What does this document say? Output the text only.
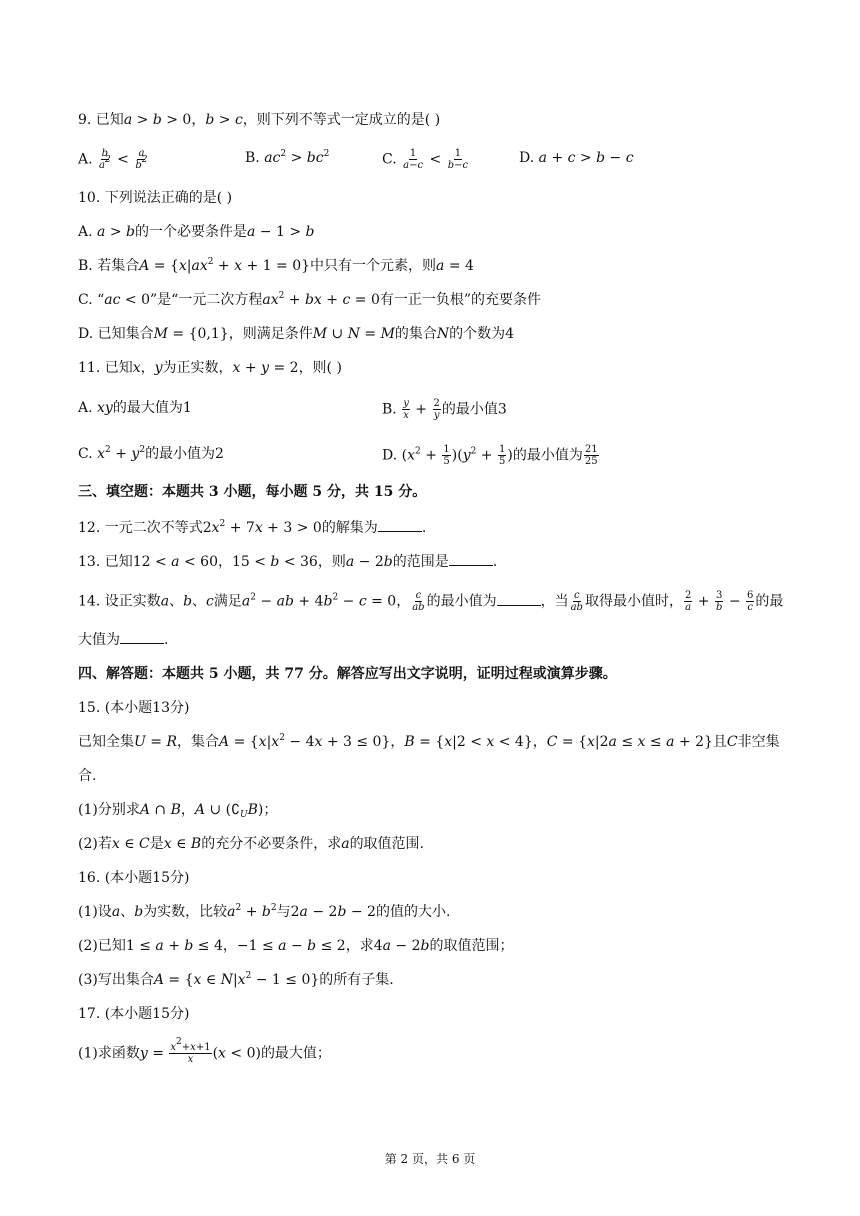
9. 已知a > b > 0，b > c，则下列不等式一定成立的是( )
A. $\frac{b}{a^2} < \frac{a}{b^2}$	B. $ac^2 > bc^2$	C. $\frac{1}{a-c} < \frac{1}{b-c}$	D. a + c > b − c
10. 下列说法正确的是( )
A. a > b的一个必要条件是a − 1 > b
B. 若集合$A = \{x|ax^2 + x + 1 = 0\}$中只有一个元素，则a = 4
C. “ac < 0”是“一元二次方程$ax^2$ + bx + c = 0有一正一负根”的充要条件
D. 已知集合M = {0,1}，则满足条件M ∪ N = M的集合N的个数为4
11. 已知x，y为正实数，x + y = 2，则( )
A. xy的最大值为1	B. $\frac{y}{x} + \frac{2}{y}$ 的最小值3
C. $x^2 + y^2$的最小值为2	D. $(x^2 + \frac{1}{5} )(y^2 + \frac{1}{5}$ )的最小值为 $\frac{21}{25}$
三、填空题：本题共 3 小题，每小题 5 分，共 15 分。
12. 一元二次不等式$2x^2 + 7x + 3 > 0$的解集为	.
13. 已知12 < a < 60，15 < b < 36，则a − 2b的范围是	.
14. 设正实数a、b、c满足$a^2$ − ab + $4b^2 - c = 0$， $\frac{c}{ab}$ 的最小值为	，当 $\frac{c}{ab}$ 取得最小值时， $\frac{2}{a} + \frac{3}{b} - \frac{6}{c}$ 的最
大值为	.
四、解答题：本题共 5 小题，共 77 分。解答应写出文字说明，证明过程或演算步骤。
15. (本小题13分)
已知全集U = R，集合$A = \{x|x^2 - 4x + 3 \le 0\}$，B = {x|2 < x < 4}，C = {x|2a ≤ x ≤ a + 2}且C非空集
合.
(1)分别求A ∩ B，A ∪ $(∁_UB)$；
(2)若x ∈ C是x ∈ B的充分不必要条件，求a的取值范围.
16. (本小题15分)
(1)设a、b为实数，比较$a^2 + b^2$与2a − 2b − 2的值的大小.
(2)已知1 ≤ a + b ≤ 4，−1 ≤ a − b ≤ 2，求4a − 2b的取值范围；
(3)写出集合A = {x ∈ $N|x^2 - 1 \le 0$}的所有子集.
17. (本小题15分)
(1)求函数$y = \frac{x^2+x+1}{x} (x < 0)$的最大值；
第 2 页，共 6 页
